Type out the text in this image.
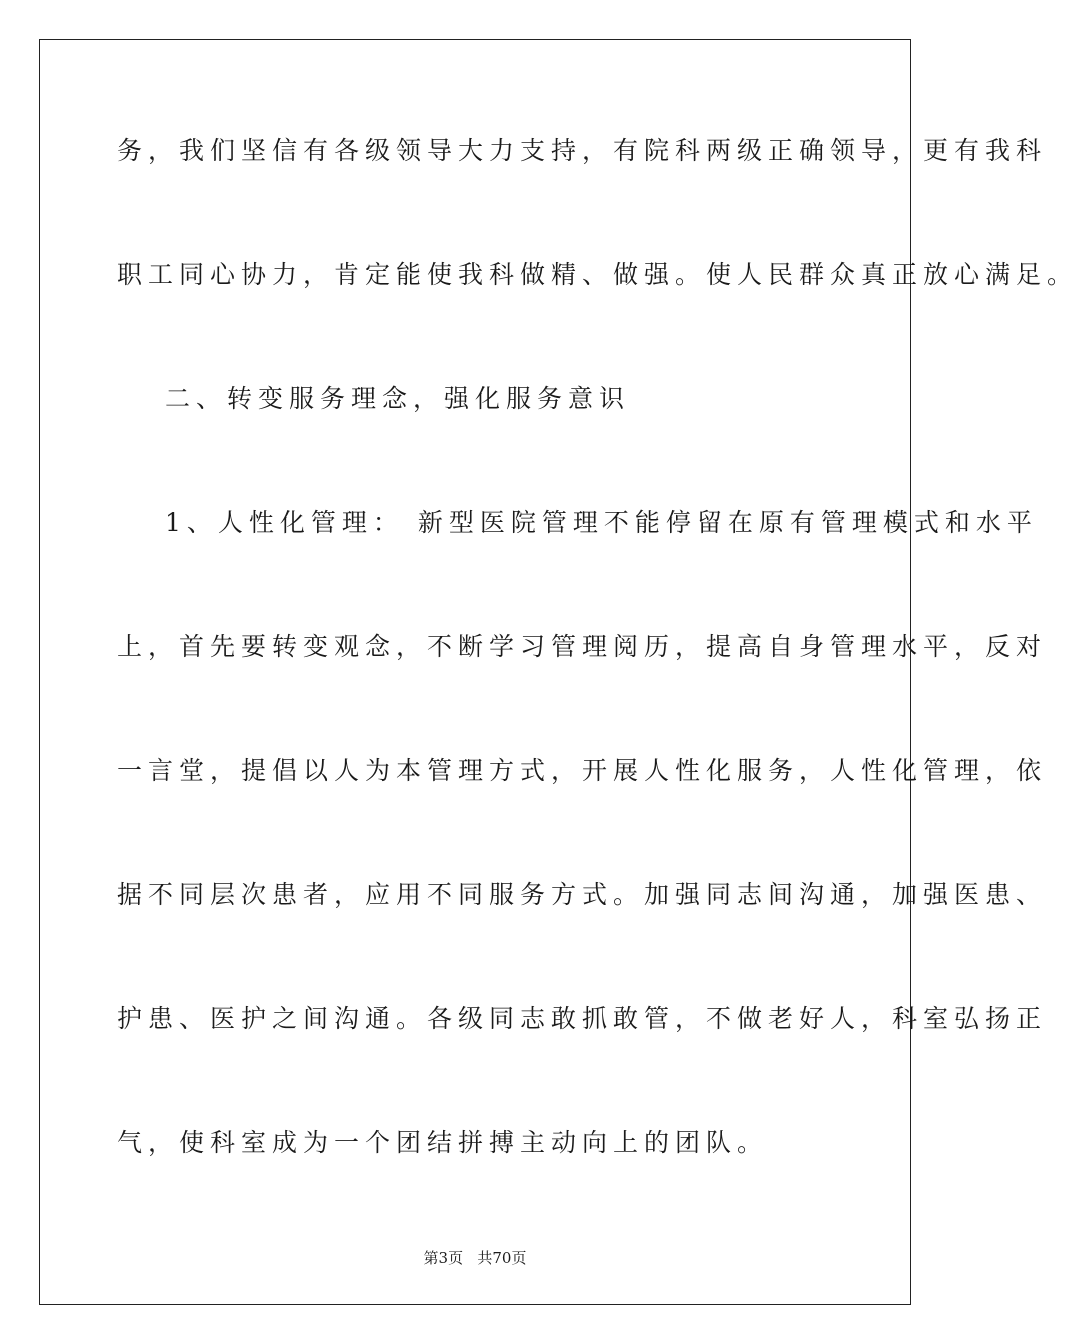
务，我们坚信有各级领导大力支持，有院科两级正确领导，更有我科
职工同心协力，肯定能使我科做精、做强。使人民群众真正放心满足。
二、转变服务理念，强化服务意识
1、人性化管理： 新型医院管理不能停留在原有管理模式和水平
上，首先要转变观念，不断学习管理阅历，提高自身管理水平，反对
一言堂，提倡以人为本管理方式，开展人性化服务，人性化管理，依
据不同层次患者，应用不同服务方式。加强同志间沟通，加强医患、
护患、医护之间沟通。各级同志敢抓敢管，不做老好人，科室弘扬正
气，使科室成为一个团结拼搏主动向上的团队。
第3页   共70页
